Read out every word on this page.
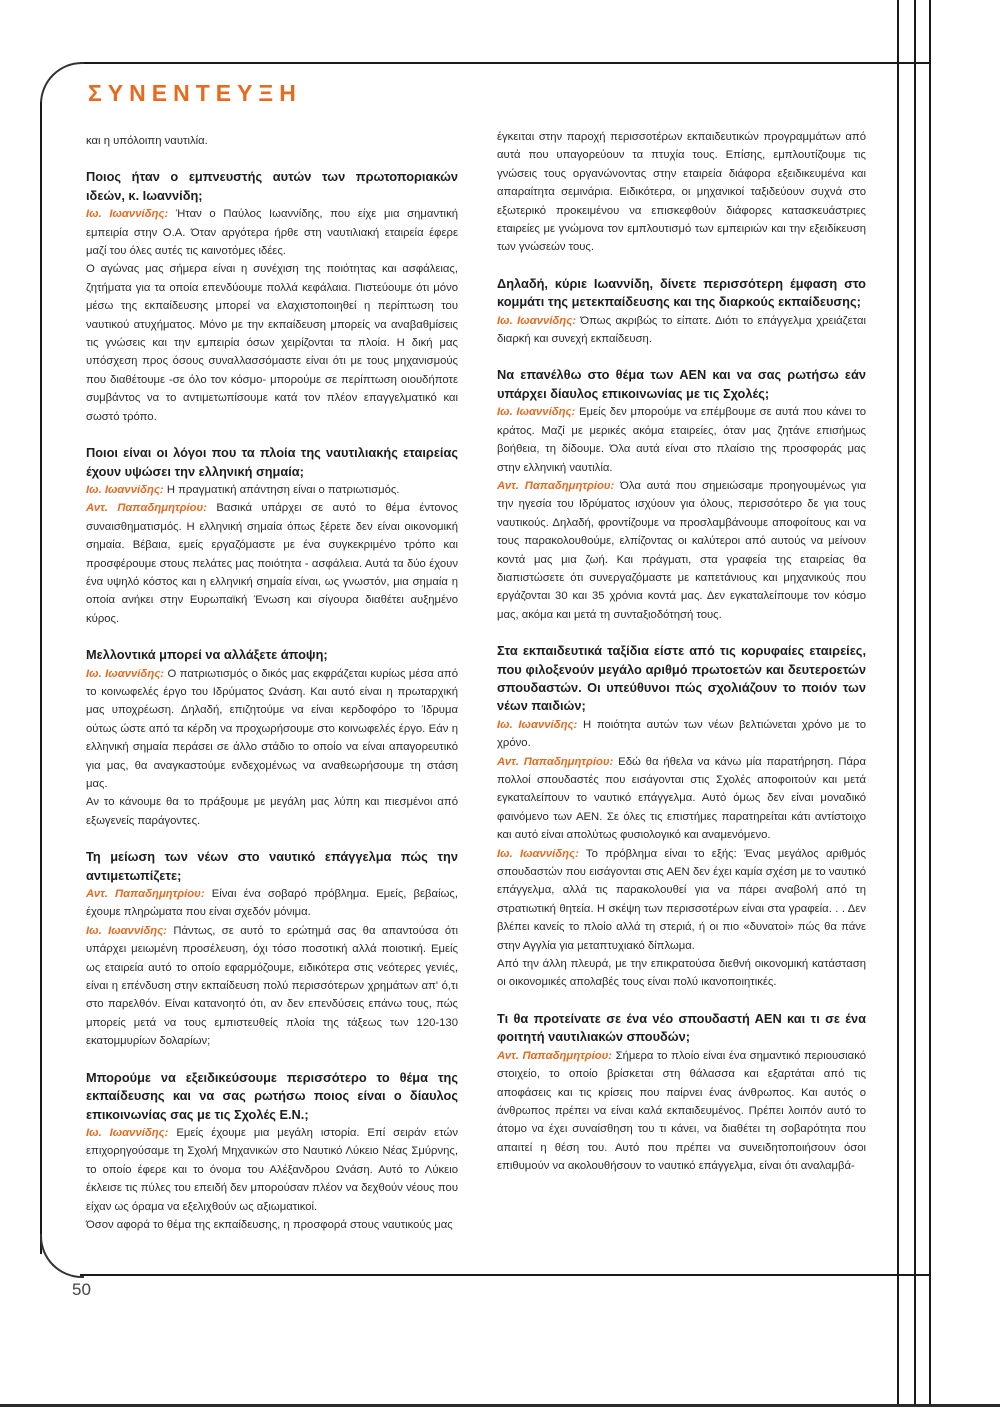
ΣΥΝΕΝΤΕΥΞΗ

και η υπόλοιπη ναυτιλία.

Ποιος ήταν ο εμπνευστής αυτών των πρωτοποριακών ιδεών, κ. Ιωαννίδη;

Ιω. Ιωαννίδης: Ήταν ο Παύλος Ιωαννίδης, που είχε μια σημαντική εμπειρία στην Ο.Α. Όταν αργότερα ήρθε στη ναυτιλιακή εταιρεία έφερε μαζί του όλες αυτές τις καινοτόμες ιδέες.

Ο αγώνας μας σήμερα είναι η συνέχιση της ποιότητας και ασφάλειας, ζητήματα για τα οποία επενδύουμε πολλά κεφάλαια. Πιστεύουμε ότι μόνο μέσω της εκπαίδευσης μπορεί να ελαχιστοποιηθεί η περίπτωση του ναυτικού ατυχήματος. Μόνο με την εκπαίδευση μπορείς να αναβαθμίσεις τις γνώσεις και την εμπειρία όσων χειρίζονται τα πλοία. Η δική μας υπόσχεση προς όσους συναλλασσόμαστε είναι ότι με τους μηχανισμούς που διαθέτουμε -σε όλο τον κόσμο- μπορούμε σε περίπτωση οιουδήποτε συμβάντος να το αντιμετωπίσουμε κατά τον πλέον επαγγελματικό και σωστό τρόπο.

Ποιοι είναι οι λόγοι που τα πλοία της ναυτιλιακής εταιρείας έχουν υψώσει την ελληνική σημαία;

Ιω. Ιωαννίδης: Η πραγματική απάντηση είναι ο πατριωτισμός.

Αντ. Παπαδημητρίου: Βασικά υπάρχει σε αυτό το θέμα έντονος συναισθηματισμός. Η ελληνική σημαία όπως ξέρετε δεν είναι οικονομική σημαία. Βέβαια, εμείς εργαζόμαστε με ένα συγκεκριμένο τρόπο και προσφέρουμε στους πελάτες μας ποιότητα - ασφάλεια. Αυτά τα δύο έχουν ένα υψηλό κόστος και η ελληνική σημαία είναι, ως γνωστόν, μια σημαία η οποία ανήκει στην Ευρωπαϊκή Ένωση και σίγουρα διαθέτει αυξημένο κύρος.

Μελλοντικά μπορεί να αλλάξετε άποψη;

Ιω. Ιωαννίδης: Ο πατριωτισμός ο δικός μας εκφράζεται κυρίως μέσα από το κοινωφελές έργο του Ιδρύματος Ωνάση. Και αυτό είναι η πρωταρχική μας υποχρέωση. Δηλαδή, επιζητούμε να είναι κερδοφόρο το Ίδρυμα ούτως ώστε από τα κέρδη να προχωρήσουμε στο κοινωφελές έργο. Εάν η ελληνική σημαία περάσει σε άλλο στάδιο το οποίο να είναι απαγορευτικό για μας, θα αναγκαστούμε ενδεχομένως να αναθεωρήσουμε τη στάση μας.

Αν το κάνουμε θα το πράξουμε με μεγάλη μας λύπη και πιεσμένοι από εξωγενείς παράγοντες.

Τη μείωση των νέων στο ναυτικό επάγγελμα πώς την αντιμετωπίζετε;

Αντ. Παπαδημητρίου: Είναι ένα σοβαρό πρόβλημα. Εμείς, βεβαίως, έχουμε πληρώματα που είναι σχεδόν μόνιμα.

Ιω. Ιωαννίδης: Πάντως, σε αυτό το ερώτημά σας θα απαντούσα ότι υπάρχει μειωμένη προσέλευση, όχι τόσο ποσοτική αλλά ποιοτική. Εμείς ως εταιρεία αυτό το οποίο εφαρμόζουμε, ειδικότερα στις νεότερες γενιές, είναι η επένδυση στην εκπαίδευση πολύ περισσότερων χρημάτων απ' ό,τι στο παρελθόν. Είναι κατανοητό ότι, αν δεν επενδύσεις επάνω τους, πώς μπορείς μετά να τους εμπιστευθείς πλοία της τάξεως των 120-130 εκατομμυρίων δολαρίων;

Μπορούμε να εξειδικεύσουμε περισσότερο το θέμα της εκπαίδευσης και να σας ρωτήσω ποιος είναι ο δίαυλος επικοινωνίας σας με τις Σχολές Ε.Ν.;

Ιω. Ιωαννίδης: Εμείς έχουμε μια μεγάλη ιστορία. Επί σειράν ετών επιχορηγούσαμε τη Σχολή Μηχανικών στο Ναυτικό Λύκειο Νέας Σμύρνης, το οποίο έφερε και το όνομα του Αλέξανδρου Ωνάση. Αυτό το Λύκειο έκλεισε τις πύλες του επειδή δεν μπορούσαν πλέον να δεχθούν νέους που είχαν ως όραμα να εξελιχθούν ως αξιωματικοί.

Όσον αφορά το θέμα της εκπαίδευσης, η προσφορά στους ναυτικούς μας

έγκειται στην παροχή περισσοτέρων εκπαιδευτικών προγραμμάτων από αυτά που υπαγορεύουν τα πτυχία τους. Επίσης, εμπλουτίζουμε τις γνώσεις τους οργανώνοντας στην εταιρεία διάφορα εξειδικευμένα και απαραίτητα σεμινάρια. Ειδικότερα, οι μηχανικοί ταξιδεύουν συχνά στο εξωτερικό προκειμένου να επισκεφθούν διάφορες κατασκευάστριες εταιρείες με γνώμονα τον εμπλουτισμό των εμπειριών και την εξειδίκευση των γνώσεών τους.

Δηλαδή, κύριε Ιωαννίδη, δίνετε περισσότερη έμφαση στο κομμάτι της μετεκπαίδευσης και της διαρκούς εκπαίδευσης;

Ιω. Ιωαννίδης: Όπως ακριβώς το είπατε. Διότι το επάγγελμα χρειάζεται διαρκή και συνεχή εκπαίδευση.

Να επανέλθω στο θέμα των ΑΕΝ και να σας ρωτήσω εάν υπάρχει δίαυλος επικοινωνίας με τις Σχολές;

Ιω. Ιωαννίδης: Εμείς δεν μπορούμε να επέμβουμε σε αυτά που κάνει το κράτος. Μαζί με μερικές ακόμα εταιρείες, όταν μας ζητάνε επισήμως βοήθεια, τη δίδουμε. Όλα αυτά είναι στο πλαίσιο της προσφοράς μας στην ελληνική ναυτιλία.

Αντ. Παπαδημητρίου: Όλα αυτά που σημειώσαμε προηγουμένως για την ηγεσία του Ιδρύματος ισχύουν για όλους, περισσότερο δε για τους ναυτικούς. Δηλαδή, φροντίζουμε να προσλαμβάνουμε αποφοίτους και να τους παρακολουθούμε, ελπίζοντας οι καλύτεροι από αυτούς να μείνουν κοντά μας μια ζωή. Και πράγματι, στα γραφεία της εταιρείας θα διαπιστώσετε ότι συνεργαζόμαστε με καπετάνιους και μηχανικούς που εργάζονται 30 και 35 χρόνια κοντά μας. Δεν εγκαταλείπουμε τον κόσμο μας, ακόμα και μετά τη συνταξιοδότησή τους.

Στα εκπαιδευτικά ταξίδια είστε από τις κορυφαίες εταιρείες, που φιλοξενούν μεγάλο αριθμό πρωτοετών και δευτεροετών σπουδαστών. Οι υπεύθυνοι πώς σχολιάζουν το ποιόν των νέων παιδιών;

Ιω. Ιωαννίδης: Η ποιότητα αυτών των νέων βελτιώνεται χρόνο με το χρόνο.

Αντ. Παπαδημητρίου: Εδώ θα ήθελα να κάνω μία παρατήρηση. Πάρα πολλοί σπουδαστές που εισάγονται στις Σχολές αποφοιτούν και μετά εγκαταλείπουν το ναυτικό επάγγελμα. Αυτό όμως δεν είναι μοναδικό φαινόμενο των ΑΕΝ. Σε όλες τις επιστήμες παρατηρείται κάτι αντίστοιχο και αυτό είναι απολύτως φυσιολογικό και αναμενόμενο.

Ιω. Ιωαννίδης: Το πρόβλημα είναι το εξής: Ένας μεγάλος αριθμός σπουδαστών που εισάγονται στις ΑΕΝ δεν έχει καμία σχέση με το ναυτικό επάγγελμα, αλλά τις παρακολουθεί για να πάρει αναβολή από τη στρατιωτική θητεία. Η σκέψη των περισσοτέρων είναι στα γραφεία. . . Δεν βλέπει κανείς το πλοίο αλλά τη στεριά, ή οι πιο «δυνατοί» πώς θα πάνε στην Αγγλία για μεταπτυχιακό δίπλωμα.

Από την άλλη πλευρά, με την επικρατούσα διεθνή οικονομική κατάσταση οι οικονομικές απολαβές τους είναι πολύ ικανοποιητικές.

Τι θα προτείνατε σε ένα νέο σπουδαστή ΑΕΝ και τι σε ένα φοιτητή ναυτιλιακών σπουδών;

Αντ. Παπαδημητρίου: Σήμερα το πλοίο είναι ένα σημαντικό περιουσιακό στοιχείο, το οποίο βρίσκεται στη θάλασσα και εξαρτάται από τις αποφάσεις και τις κρίσεις που παίρνει ένας άνθρωπος. Και αυτός ο άνθρωπος πρέπει να είναι καλά εκπαιδευμένος. Πρέπει λοιπόν αυτό το άτομο να έχει συναίσθηση του τι κάνει, να διαθέτει τη σοβαρότητα που απαιτεί η θέση του. Αυτό που πρέπει να συνειδητοποιήσουν όσοι επιθυμούν να ακολουθήσουν το ναυτικό επάγγελμα, είναι ότι αναλαμβά-

50
